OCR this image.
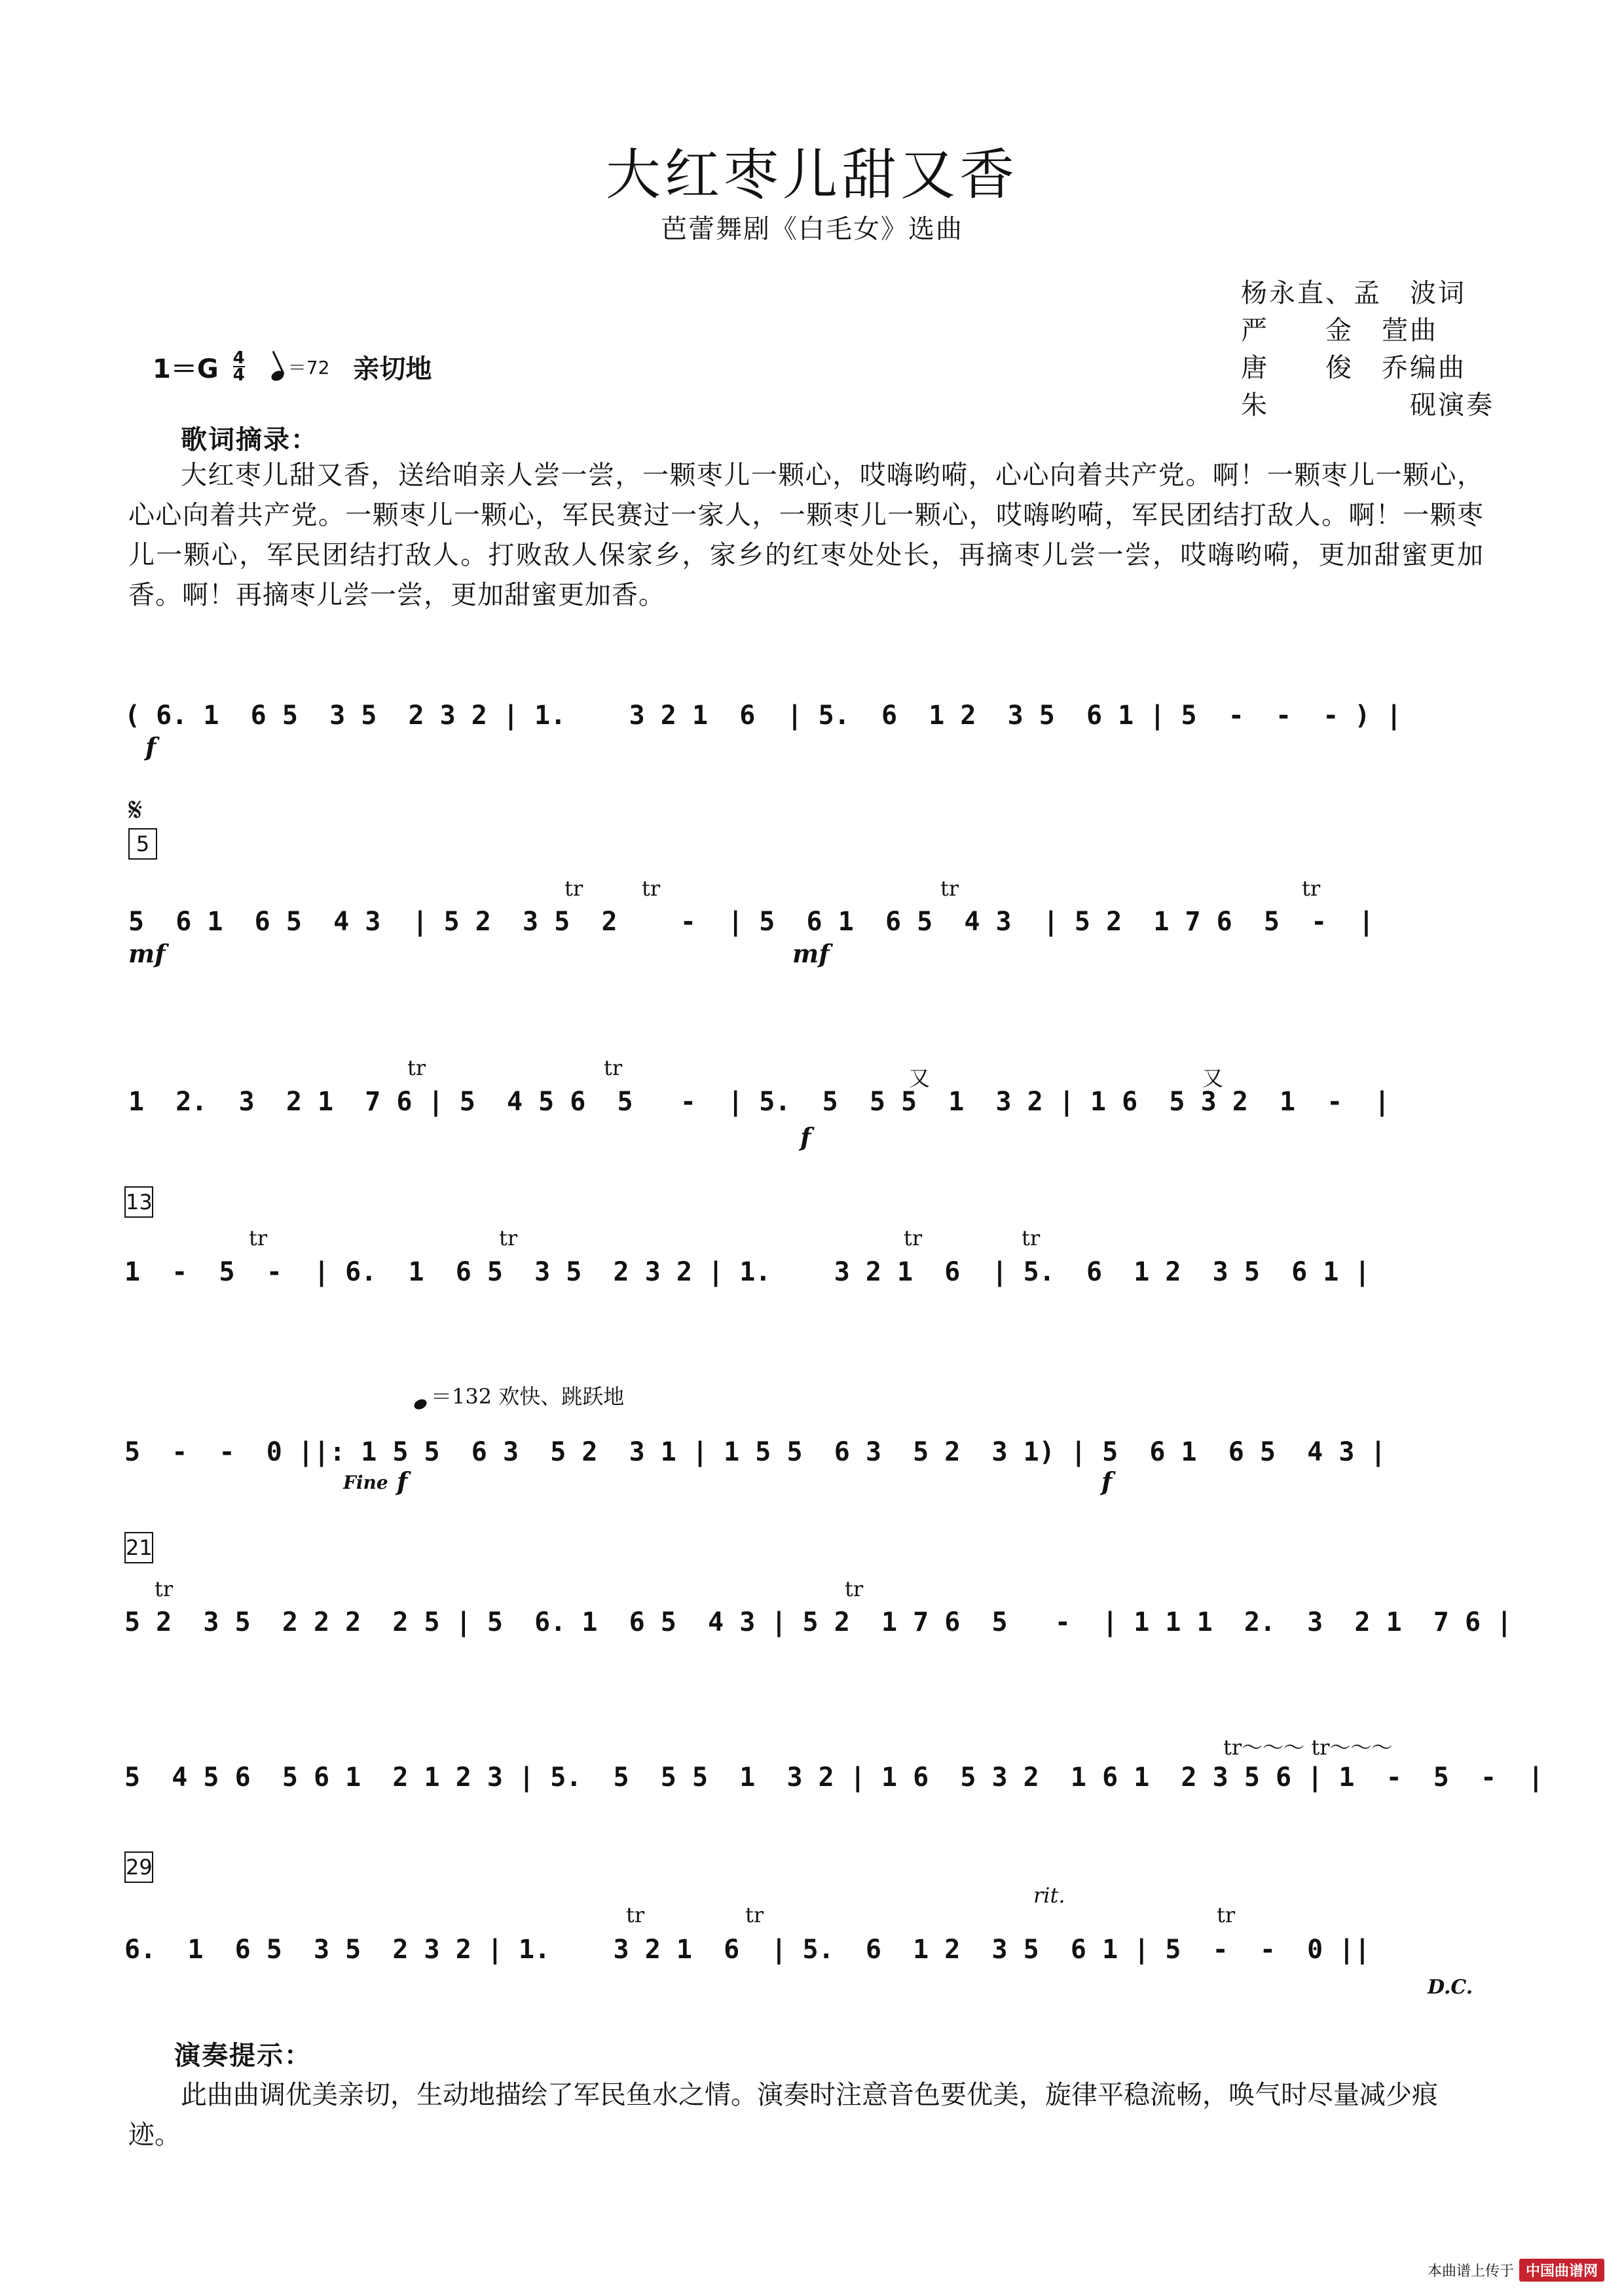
大红枣儿甜又香
芭蕾舞剧《白毛女》选曲
杨永直、孟　波词
严　　金　萱曲
唐　　俊　乔编曲
朱　　　　　砚演奏
1＝G 4
4 ＝72 亲切地
歌词摘录：
大红枣儿甜又香，送给咱亲人尝一尝，一颗枣儿一颗心，哎嗨哟嗬，心心向着共产党。啊！一颗枣儿一颗心，心心向着共产党。一颗枣儿一颗心，军民赛过一家人，一颗枣儿一颗心，哎嗨哟嗬，军民团结打敌人。啊！一颗枣儿一颗心，军民团结打敌人。打败敌人保家乡，家乡的红枣处处长，再摘枣儿尝一尝，哎嗨哟嗬，更加甜蜜更加香。啊！再摘枣儿尝一尝，更加甜蜜更加香。
( 6. 1  6 5  3 5  2 3 2 | 1.    3 2 1  6  | 5.  6  1 2  3 5  6 1 | 5  -  -  - ) |
f
𝄋
5
5  6 1  6 5  4 3  | 5 2  3 5  2    -  | 5  6 1  6 5  4 3  | 5 2  1 7 6  5  -  |
tr	tr	tr	tr
mf	mf
1  2.  3  2 1  7 6 | 5  4 5 6  5   -  | 5.  5  5 5  1  3 2 | 1 6  5 3 2  1  -  |
tr	tr	又	又
f
13
1  -  5  -  | 6.  1  6 5  3 5  2 3 2 | 1.    3 2 1  6  | 5.  6  1 2  3 5  6 1 |
tr	tr	tr	tr
＝132 欢快、跳跃地
5  -  -  0 ||: 1 5 5  6 3  5 2  3 1 | 1 5 5  6 3  5 2  3 1) | 5  6 1  6 5  4 3 |
Fine f	f
21
5 2  3 5  2 2 2  2 5 | 5  6. 1  6 5  4 3 | 5 2  1 7 6  5   -  | 1 1 1  2.  3  2 1  7 6 |
tr	tr
5  4 5 6  5 6 1  2 1 2 3 | 5.  5  5 5  1  3 2 | 1 6  5 3 2  1 6 1  2 3 5 6 | 1  -  5  -  |
tr～～～ tr～～～
29
6.  1  6 5  3 5  2 3 2 | 1.    3 2 1  6  | 5.  6  1 2  3 5  6 1 | 5  -  -  0 ||
tr	tr	tr
rit.
D.C.
演奏提示：
此曲曲调优美亲切，生动地描绘了军民鱼水之情。演奏时注意音色要优美，旋律平稳流畅，唤气时尽量减少痕迹。
本曲谱上传于 中国曲谱网
